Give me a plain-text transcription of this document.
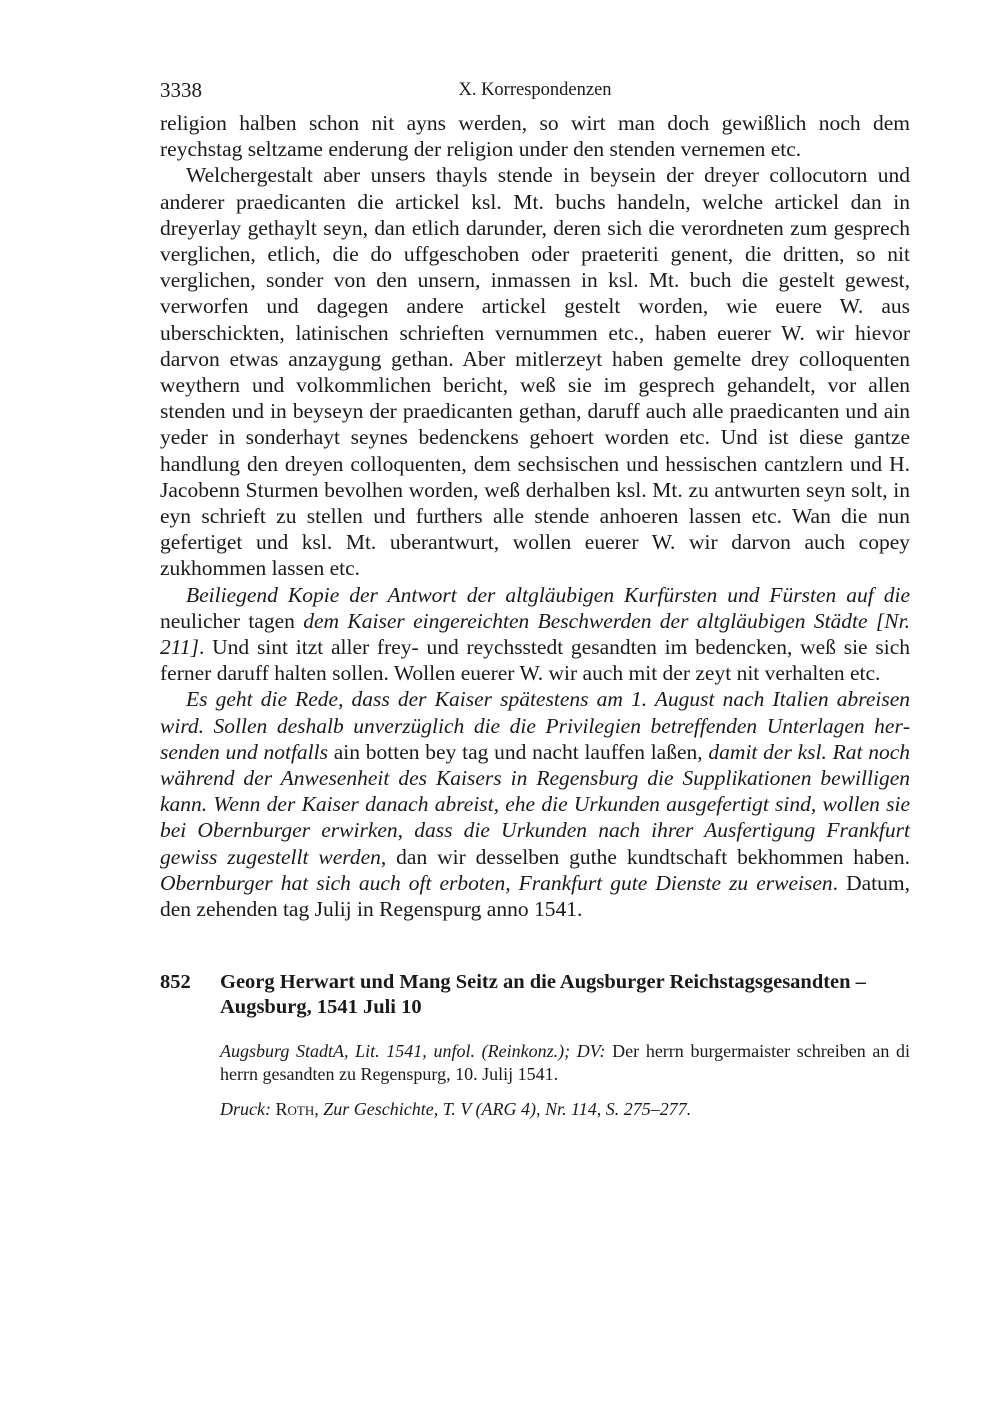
3338	X. Korrespondenzen

religion halben schon nit ayns werden, so wirt man doch gewißlich noch dem reychstag seltzame enderung der religion under den stenden vernemen etc.

Welchergestalt aber unsers thayls stende in beysein der dreyer collocutorn und anderer praedicanten die artickel ksl. Mt. buchs handeln, welche artickel dan in dreyerlay gethaylt seyn, dan etlich darunder, deren sich die verordneten zum gesprech verglichen, etlich, die do uffgeschoben oder praeteriti genent, die dritten, so nit verglichen, sonder von den unsern, inmassen in ksl. Mt. buch die gestelt gewest, verworfen und dagegen andere artickel gestelt worden, wie euere W. aus uberschickten, latinischen schrieften vernummen etc., haben euerer W. wir hievor darvon etwas anzaygung gethan. Aber mitlerzeyt haben gemelte drey colloquenten weythern und volkommlichen bericht, weß sie im gesprech gehandelt, vor allen stenden und in beyseyn der praedicanten gethan, daruff auch alle praedicanten und ain yeder in sonderhayt seynes bedenckens gehoert worden etc. Und ist diese gantze handlung den dreyen colloquenten, dem sechsischen und hessischen cantzlern und H. Jacobenn Sturmen bevolhen worden, weß derhalben ksl. Mt. zu antwurten seyn solt, in eyn schrieft zu stellen und furthers alle stende anhoeren lassen etc. Wan die nun gefertiget und ksl. Mt. uberantwurt, wollen euerer W. wir darvon auch copey zukhommen lassen etc.

Beiliegend Kopie der Antwort der altgläubigen Kurfürsten und Fürsten auf die neulicher tagen dem Kaiser eingereichten Beschwerden der altgläubigen Städte [Nr. 211]. Und sint itzt aller frey- und reychsstedt gesandten im bedencken, weß sie sich ferner daruff halten sollen. Wollen euerer W. wir auch mit der zeyt nit verhalten etc.

Es geht die Rede, dass der Kaiser spätestens am 1. August nach Italien abreisen wird. Sollen deshalb unverzüglich die die Privilegien betreffenden Unterlagen hersenden und notfalls ain botten bey tag und nacht lauffen laßen, damit der ksl. Rat noch während der Anwesenheit des Kaisers in Regensburg die Supplikationen bewilligen kann. Wenn der Kaiser danach abreist, ehe die Urkunden ausgefertigt sind, wollen sie bei Obernburger erwirken, dass die Urkunden nach ihrer Ausfertigung Frankfurt gewiss zugestellt werden, dan wir desselben guthe kundtschaft bekhommen haben. Obernburger hat sich auch oft erboten, Frankfurt gute Dienste zu erweisen. Datum, den zehenden tag Julij in Regenspurg anno 1541.

852 Georg Herwart und Mang Seitz an die Augsburger Reichstagsgesandten – Augsburg, 1541 Juli 10

Augsburg StadtA, Lit. 1541, unfol. (Reinkonz.); DV: Der herrn burgermaister schreiben an di herrn gesandten zu Regenspurg, 10. Julij 1541.

Druck: Roth, Zur Geschichte, T. V (ARG 4), Nr. 114, S. 275–277.
